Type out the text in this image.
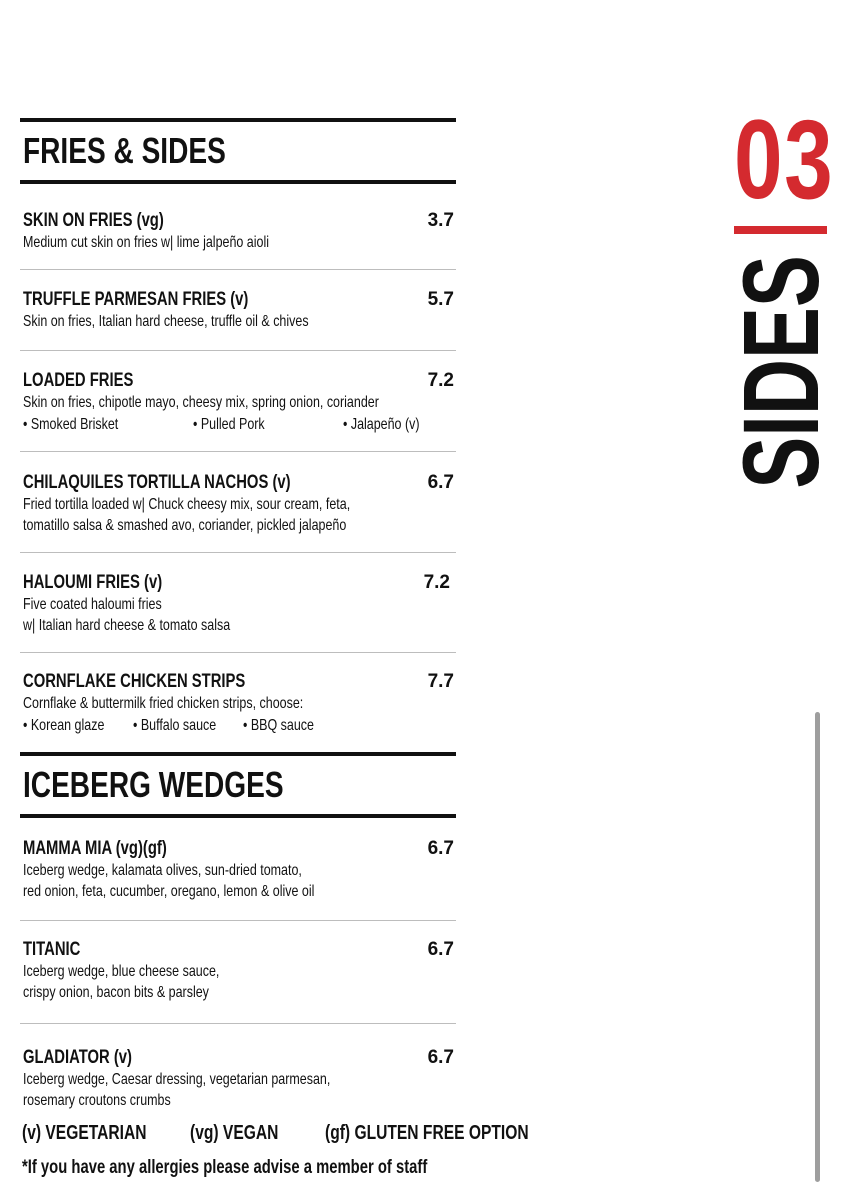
FRIES & SIDES
SKIN ON FRIES (vg)	3.7
Medium cut skin on fries w| lime jalpeño aioli
TRUFFLE PARMESAN FRIES (v)	5.7
Skin on fries, Italian hard cheese, truffle oil & chives
LOADED FRIES	7.2
Skin on fries, chipotle mayo, cheesy mix, spring onion, coriander
• Smoked Brisket	• Pulled Pork	• Jalapeño (v)
CHILAQUILES TORTILLA NACHOS (v)	6.7
Fried tortilla loaded w| Chuck cheesy mix, sour cream, feta,
tomatillo salsa & smashed avo, coriander, pickled jalapeño
HALOUMI FRIES (v)	7.2
Five coated haloumi fries
w| Italian hard cheese & tomato salsa
CORNFLAKE CHICKEN STRIPS	7.7
Cornflake & buttermilk fried chicken strips, choose:
• Korean glaze • Buffalo sauce • BBQ sauce
ICEBERG WEDGES
MAMMA MIA (vg)(gf)	6.7
Iceberg wedge, kalamata olives, sun-dried tomato,
red onion, feta, cucumber, oregano, lemon & olive oil
TITANIC	6.7
Iceberg wedge, blue cheese sauce,
crispy onion, bacon bits & parsley
GLADIATOR (v)	6.7
Iceberg wedge, Caesar dressing, vegetarian parmesan,
rosemary croutons crumbs
(v) VEGETARIAN (vg) VEGAN (gf) GLUTEN FREE OPTION
*If you have any allergies please advise a member of staff
03
SIDES
